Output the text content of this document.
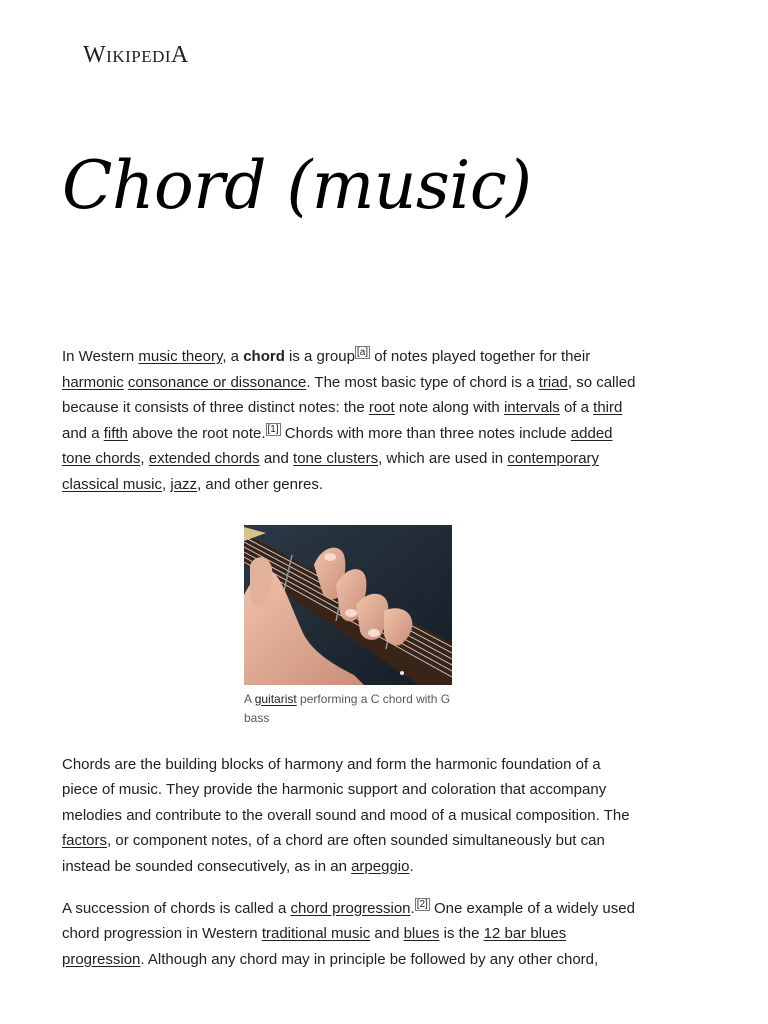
WIKIPEDIA
Chord (music)

In Western music theory, a chord is a group [a] of notes played together for their harmonic consonance or dissonance. The most basic type of chord is a triad, so called because it consists of three distinct notes: the root note along with intervals of a third and a fifth above the root note. [1] Chords with more than three notes include added tone chords, extended chords and tone clusters, which are used in contemporary classical music, jazz, and other genres.

A guitarist performing a C chord with G bass

Chords are the building blocks of harmony and form the harmonic foundation of a piece of music. They provide the harmonic support and coloration that accompany melodies and contribute to the overall sound and mood of a musical composition. The factors, or component notes, of a chord are often sounded simultaneously but can instead be sounded consecutively, as in an arpeggio.

A succession of chords is called a chord progression. [2] One example of a widely used chord progression in Western traditional music and blues is the 12 bar blues progression. Although any chord may in principle be followed by any other chord,
